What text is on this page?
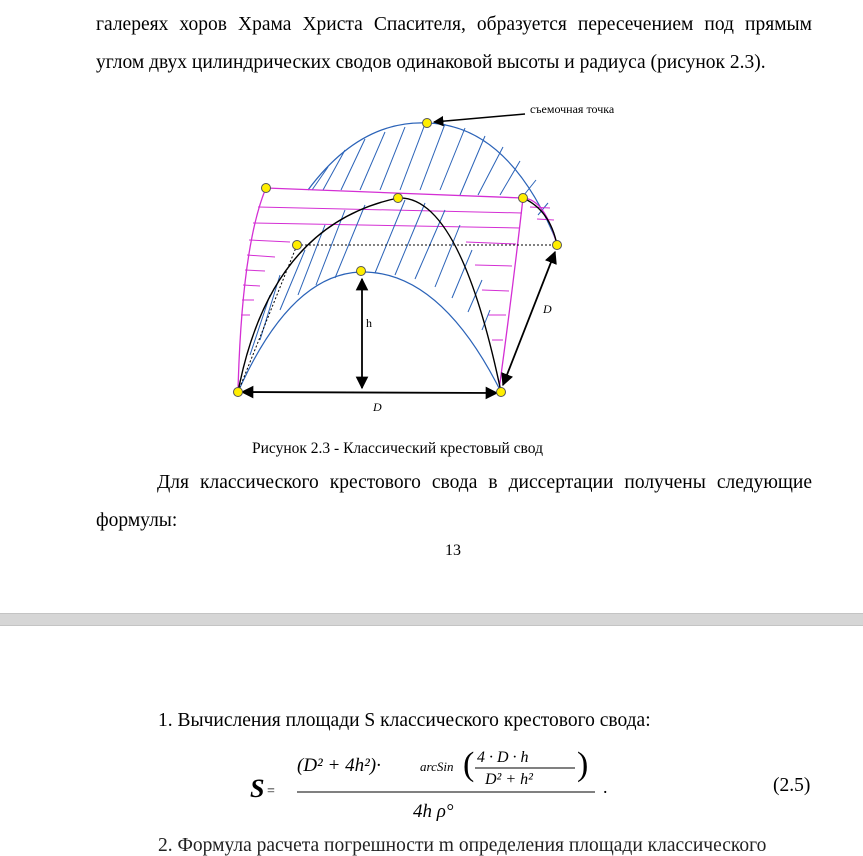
галереях хоров Храма Христа Спасителя, образуется пересечением под прямым
углом двух цилиндрических сводов одинаковой высоты и радиуса (рисунок 2.3).
съемочная точка
h
D
D
Рисунок 2.3 - Классический крестовый свод
Для классического крестового свода в диссертации получены следующие
формулы:
13
1. Вычисления площади S классического крестового свода:
S =
(D² + 4h²)·	arcSin ( 4 · D · h
D² + h² )
4h ρ°
.	(2.5)
2. Формула расчета погрешности m определения площади классического
